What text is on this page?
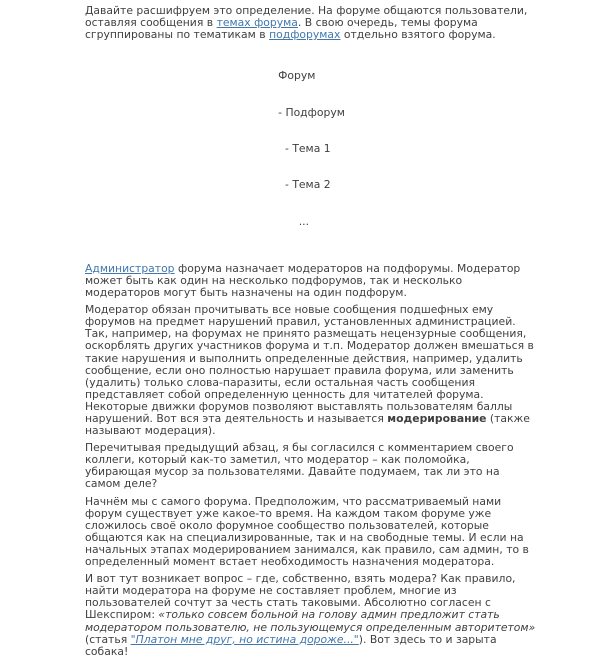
Давайте расшифруем это определение. На форуме общаются пользователи, оставляя сообщения в темах форума. В свою очередь, темы форума сгруппированы по тематикам в подфорумах отдельно взятого форума.

Форум

- Подфорум

- Тема 1

- Тема 2

...

Администратор форума назначает модераторов на подфорумы. Модератор может быть как один на несколько подфорумов, так и несколько модераторов могут быть назначены на один подфорум.

Модератор обязан прочитывать все новые сообщения подшефных ему форумов на предмет нарушений правил, установленных администрацией. Так, например, на форумах не принято размещать нецензурные сообщения, оскорблять других участников форума и т.п. Модератор должен вмешаться в такие нарушения и выполнить определенные действия, например, удалить сообщение, если оно полностью нарушает правила форума, или заменить (удалить) только слова-паразиты, если остальная часть сообщения представляет собой определенную ценность для читателей форума. Некоторые движки форумов позволяют выставлять пользователям баллы нарушений. Вот вся эта деятельность и называется модерирование (также называют модерация).

Перечитывая предыдущий абзац, я бы согласился с комментарием своего коллеги, который как-то заметил, что модератор – как поломойка, убирающая мусор за пользователями. Давайте подумаем, так ли это на самом деле?

Начнём мы с самого форума. Предположим, что рассматриваемый нами форум существует уже какое-то время. На каждом таком форуме уже сложилось своё около форумное сообщество пользователей, которые общаются как на специализированные, так и на свободные темы. И если на начальных этапах модерированием занимался, как правило, сам админ, то в определенный момент встает необходимость назначения модератора.

И вот тут возникает вопрос – где, собственно, взять модера? Как правило, найти модератора на форуме не составляет проблем, многие из пользователей сочтут за честь стать таковыми. Абсолютно согласен с Шекспиром: «только совсем больной на голову админ предложит стать модератором пользователю, не пользующемуся определенным авторитетом» (статья "Платон мне друг, но истина дороже..."). Вот здесь то и зарыта собака!
